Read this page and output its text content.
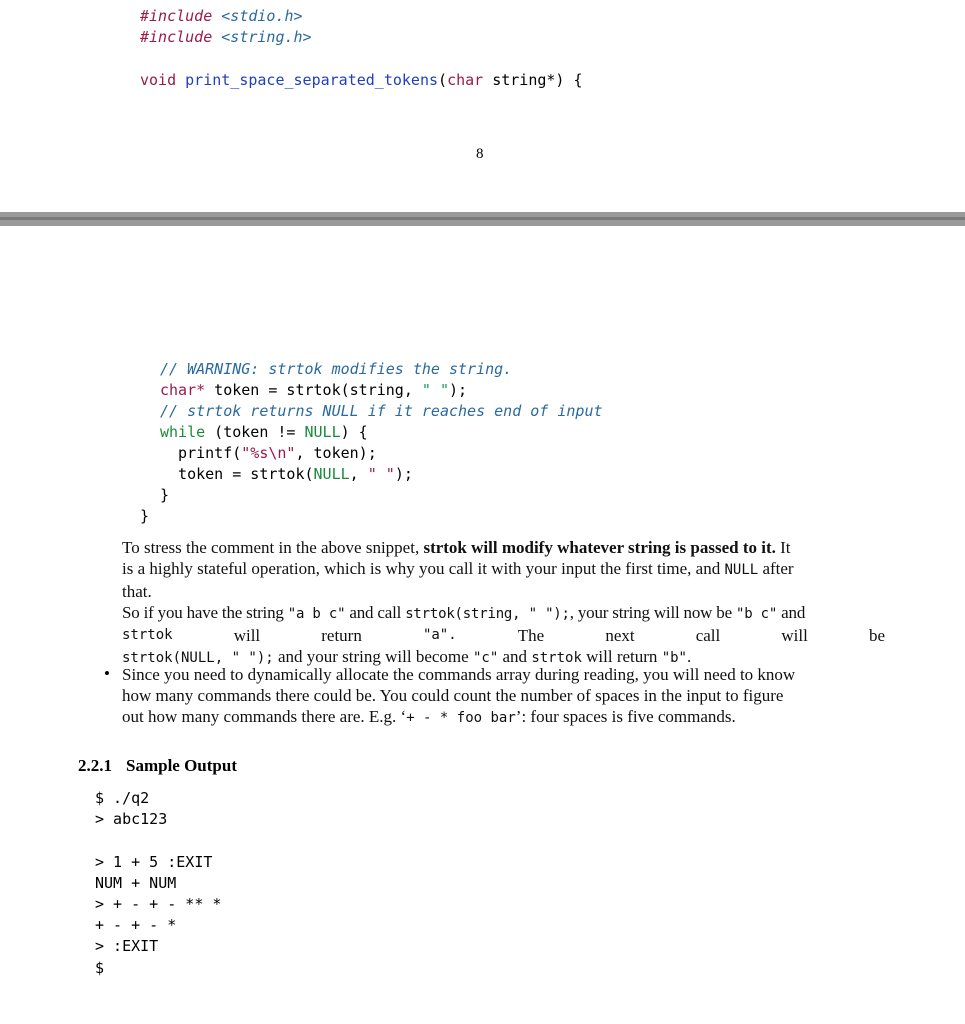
#include <stdio.h>
#include <string.h>
void print_space_separated_tokens(char string*) {
8
// WARNING: strtok modifies the string.
char* token = strtok(string, " ");
// strtok returns NULL if it reaches end of input
while (token != NULL) {
printf("%s\n", token);
token = strtok(NULL, " ");
}
}
To stress the comment in the above snippet, strtok will modify whatever string is passed to it. It
is a highly stateful operation, which is why you call it with your input the first time, and NULL after
that.
So if you have the string "a b c" and call strtok(string, " ");, your string will now be "b c" and
strtok	will	return	"a".	The	next	call	will	be
strtok(NULL, " "); and your string will become "c" and strtok will return "b".
• Since you need to dynamically allocate the commands array during reading, you will need to know
how many commands there could be. You could count the number of spaces in the input to figure
out how many commands there are. E.g. ‘+ - * foo bar’: four spaces is five commands.
2.2.1 Sample Output
$ ./q2
> abc123
> 1 + 5 :EXIT
NUM + NUM
> + - + - ** *
+ - + - *
> :EXIT
$
